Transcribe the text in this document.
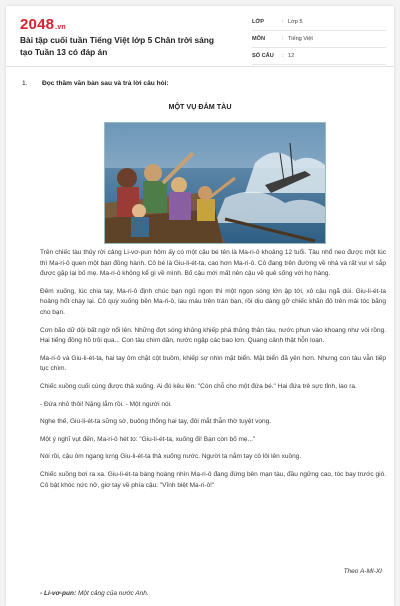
2048.vn
Bài tập cuối tuần Tiếng Việt lớp 5 Chân trời sáng tạo Tuần 13 có đáp án
LỚP	: Lớp 5
MÔN	: Tiếng Việt
SỐ CÂU	: 12
1. Đọc thầm văn bản sau và trả lời câu hỏi:
MỘT VỤ ĐẮM TÀU

Trên chiếc tàu thủy rời cảng Li-vơ-pun hôm ấy có một cậu bé tên là Ma-ri-ô khoảng 12 tuổi. Tàu nhổ neo được một lúc thì Ma-ri-ô quen một bạn đồng hành. Cô bé là Giu-li-ét-ta, cao hơn Ma-ri-ô. Cô đang trên đường về nhà và rất vui vì sắp được gặp lại bố mẹ. Ma-ri-ô không kể gì về mình. Bố cậu mới mất nên cậu về quê sống với họ hàng.

Đêm xuống, lúc chia tay, Ma-ri-ô định chúc bạn ngủ ngon thì một ngọn sóng lớn ập tới, xô cậu ngã dúi. Giu-li-ét-ta hoảng hốt chạy lại. Cô quỳ xuống bên Ma-ri-ô, lau máu trên trán bạn, rồi dịu dàng gỡ chiếc khăn đỏ trên mái tóc băng cho bạn.

Cơn bão dữ dội bất ngờ nổi lên. Những đợt sóng khủng khiếp phá thủng thân tàu, nước phun vào khoang như vòi rồng. Hai tiếng đồng hồ trôi qua... Con tàu chìm dần, nước ngập các bao lơn. Quang cảnh thật hỗn loạn.

Ma-ri-ô và Giu-li-ét-ta, hai tay ôm chặt cột buồm, khiếp sợ nhìn mặt biển. Mặt biển đã yên hơn. Nhưng con tàu vẫn tiếp tục chìm.

Chiếc xuồng cuối cùng được thả xuống. Ai đó kêu lên: "Còn chỗ cho một đứa bé." Hai đứa trẻ sực tỉnh, lao ra.

- Đứa nhỏ thôi! Nặng lắm rồi. - Một người nói.

Nghe thế, Giu-li-ét-ta sững sờ, buông thõng hai tay, đôi mắt thẫn thờ tuyệt vọng.

Một ý nghĩ vụt đến, Ma-ri-ô hét to: "Giu-li-ét-ta, xuống đi! Bạn còn bố mẹ..."

Nói rồi, cậu ôm ngang lưng Giu-li-ét-ta thả xuống nước. Người ta nắm tay cô lôi lên xuồng.

Chiếc xuồng bơi ra xa. Giu-li-ét-ta bàng hoàng nhìn Ma-ri-ô đang đứng bên mạn tàu, đầu ngửng cao, tóc bay trước gió. Cô bật khóc nức nở, giơ tay về phía cậu: "Vĩnh biệt Ma-ri-ô!"

Theo A-MI-XI
- Li-vơ-pun: Một cảng của nước Anh.
